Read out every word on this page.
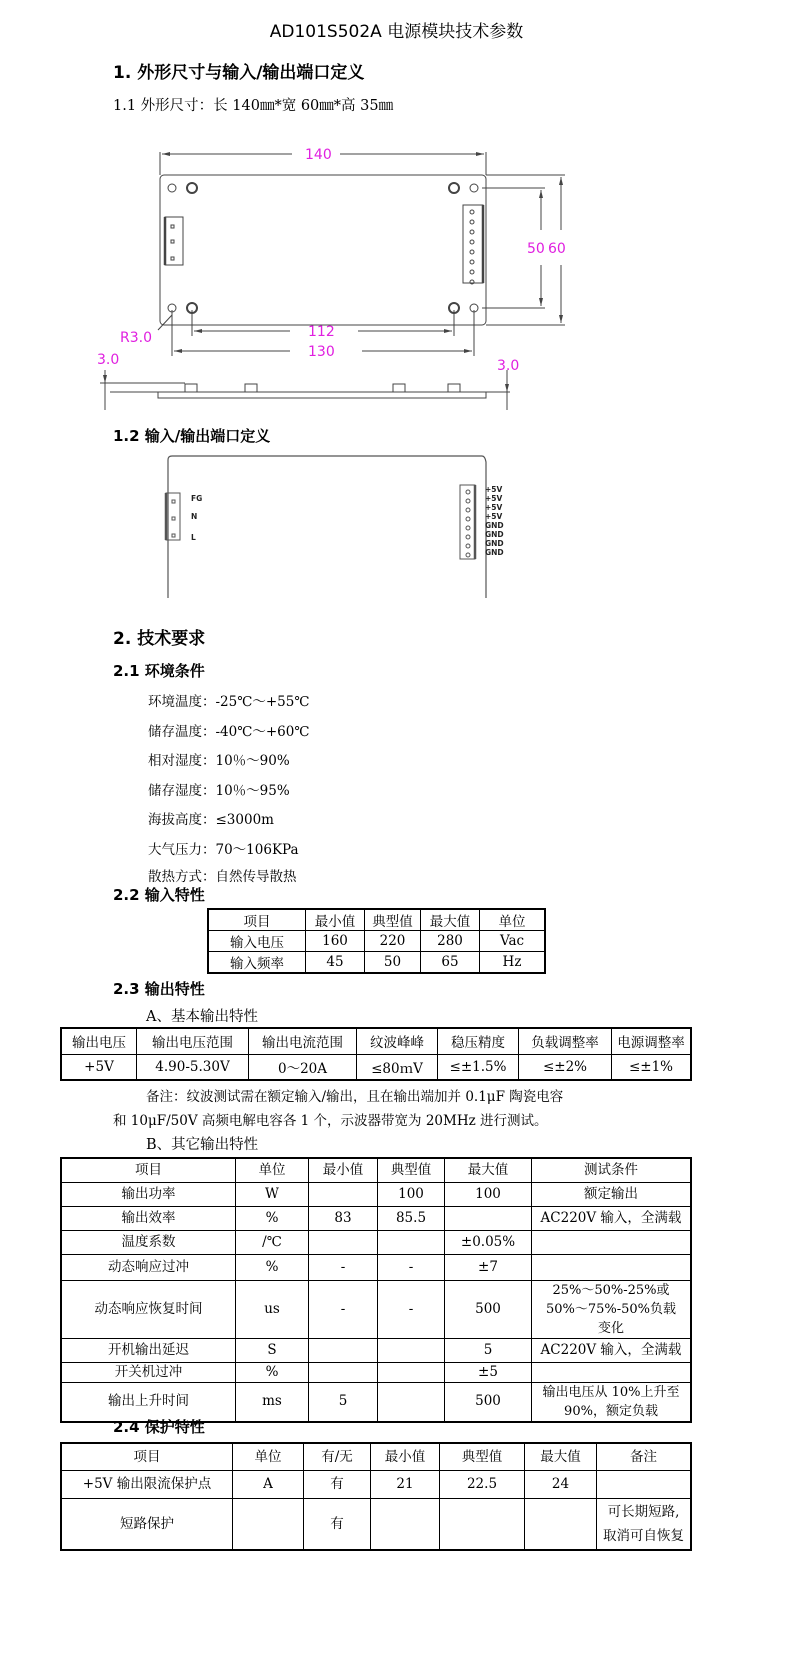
AD101S502A 电源模块技术参数
1. 外形尺寸与输入/输出端口定义
1.1 外形尺寸：长 140㎜*宽 60㎜*高 35㎜
140
50 60
112
130
R3.0
3.0	3.0
1.2 输入/输出端口定义
FG
N
L
+5V
+5V
+5V
+5V
GND
GND
GND
GND
2. 技术要求
2.1 环境条件
环境温度：-25℃～+55℃
储存温度：-40℃～+60℃
相对湿度：10％～90%
储存湿度：10％～95%
海拔高度：≤3000m
大气压力：70～106KPa
散热方式：自然传导散热
2.2 输入特性
项目	最小值	典型值	最大值	单位
输入电压	160	220	280	Vac
输入频率	45	50	65	Hz
2.3 输出特性
A、基本输出特性
输出电压	输出电压范围	输出电流范围	纹波峰峰	稳压精度	负载调整率	电源调整率
+5V	4.90-5.30V	0～20A	≤80ｍV	≤±1.5%	≤±2%	≤±1%
备注：纹波测试需在额定输入/输出，且在输出端加并 0.1μF 陶瓷电容
和 10μF/50V 高频电解电容各 1 个，示波器带宽为 20MHz 进行测试。
B、其它输出特性
项目	单位	最小值	典型值	最大值	测试条件
输出功率	W		100	100	额定输出
输出效率	%	83	85.5		AC220V 输入，全满载
温度系数	/℃			±0.05%	
动态响应过冲	%	-	-	±7	
动态响应恢复时间	us	-	-	500	25%～50%-25%或 50%～75%-50%负载变化
开机输出延迟	S			5	AC220V 输入，全满载
开关机过冲	%			±5	
输出上升时间	ms	5		500	输出电压从 10%上升至 90%，额定负载
2.4 保护特性
项目	单位	有/无	最小值	典型值	最大值	备注
+5V 输出限流保护点	A	有	21	22.5	24	
短路保护		有				可长期短路,取消可自恢复
